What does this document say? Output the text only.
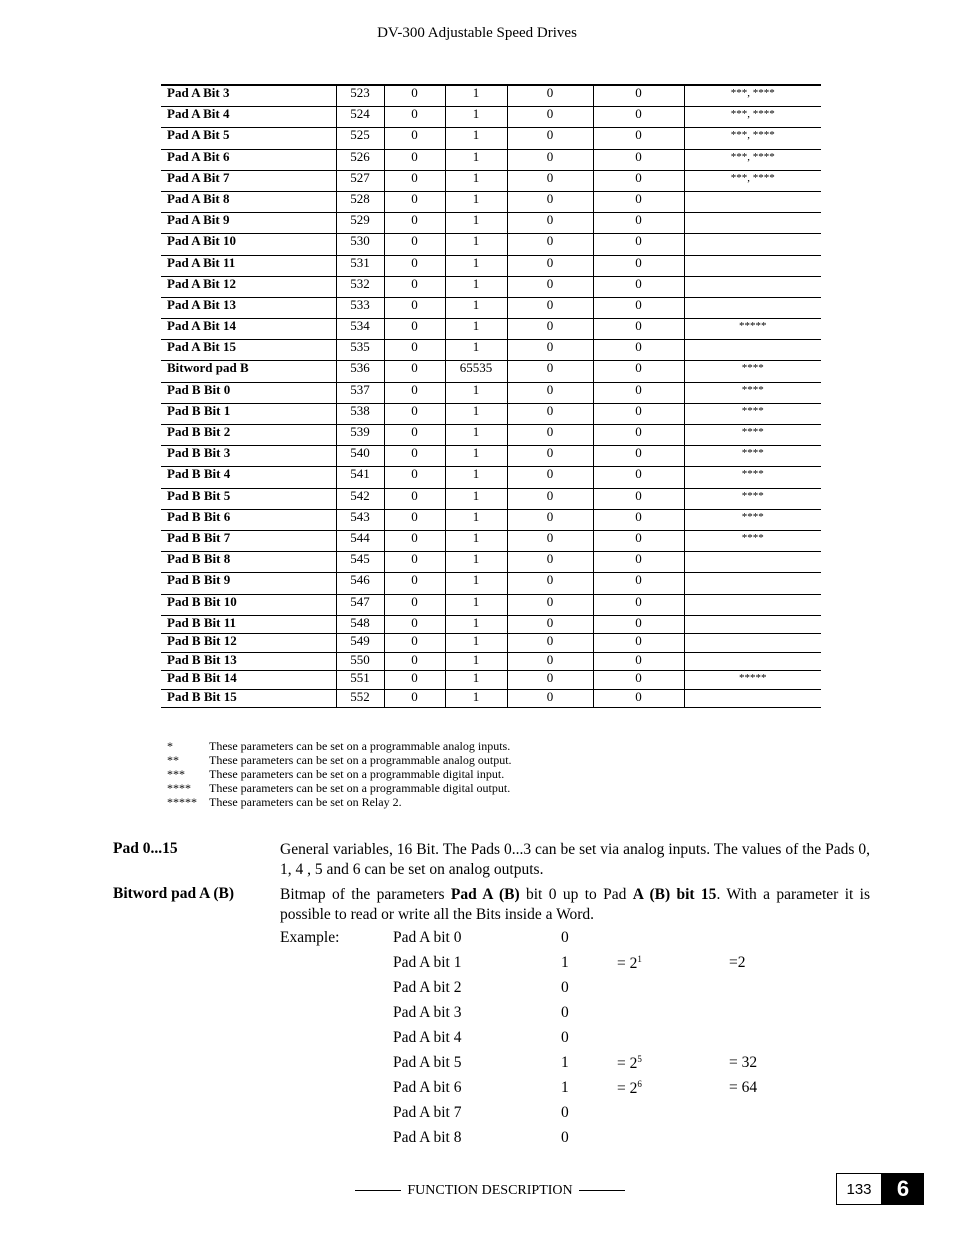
DV-300 Adjustable Speed Drives
Pad A Bit 3	523	0	1	0	0	***, ****
Pad A Bit 4	524	0	1	0	0	***, ****
Pad A Bit 5	525	0	1	0	0	***, ****
Pad A Bit 6	526	0	1	0	0	***, ****
Pad A Bit 7	527	0	1	0	0	***, ****
Pad A Bit 8	528	0	1	0	0	
Pad A Bit 9	529	0	1	0	0	
Pad A Bit 10	530	0	1	0	0	
Pad A Bit 11	531	0	1	0	0	
Pad A Bit 12	532	0	1	0	0	
Pad A Bit 13	533	0	1	0	0	
Pad A Bit 14	534	0	1	0	0	*****
Pad A Bit 15	535	0	1	0	0	
Bitword pad B	536	0	65535	0	0	****
Pad B Bit 0	537	0	1	0	0	****
Pad B Bit 1	538	0	1	0	0	****
Pad B Bit 2	539	0	1	0	0	****
Pad B Bit 3	540	0	1	0	0	****
Pad B Bit 4	541	0	1	0	0	****
Pad B Bit 5	542	0	1	0	0	****
Pad B Bit 6	543	0	1	0	0	****
Pad B Bit 7	544	0	1	0	0	****
Pad B Bit 8	545	0	1	0	0	
Pad B Bit 9	546	0	1	0	0	
Pad B Bit 10	547	0	1	0	0	
Pad B Bit 11	548	0	1	0	0	
Pad B Bit 12	549	0	1	0	0	
Pad B Bit 13	550	0	1	0	0	
Pad B Bit 14	551	0	1	0	0	*****
Pad B Bit 15	552	0	1	0	0	
*	These parameters can be set on a programmable analog inputs.
**	These parameters can be set on a programmable analog output.
***	These parameters can be set on a programmable digital input.
****	These parameters can be set on a programmable digital output.
*****	These parameters can be set on Relay 2.
Pad 0...15	General variables, 16 Bit. The Pads 0...3 can be set via analog inputs. The values of the Pads 0, 1, 4 , 5 and 6 can be set on analog outputs.
Bitword pad A (B)	Bitmap of the parameters Pad A (B) bit 0 up to Pad A (B) bit 15. With a parameter it is possible to read or write all the Bits inside a Word.
Example:	Pad A bit 0	0
Pad A bit 1	1	= $2^1$	=2
Pad A bit 2	0
Pad A bit 3	0
Pad A bit 4	0
Pad A bit 5	1	= $2^5$	= 32
Pad A bit 6	1	= $2^6$	= 64
Pad A bit 7	0
Pad A bit 8	0
FUNCTION DESCRIPTION	133	6
